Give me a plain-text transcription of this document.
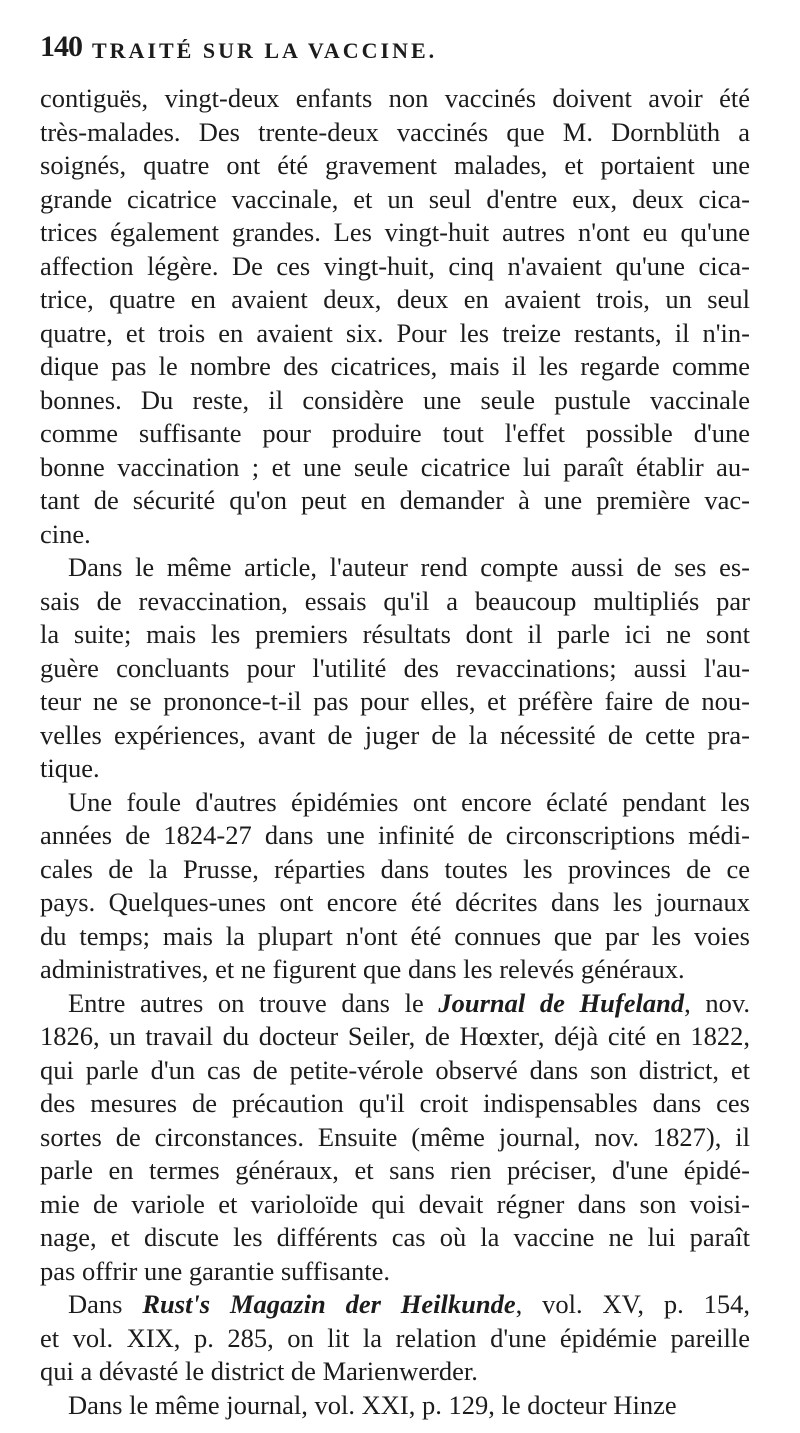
140 TRAITÉ SUR LA VACCINE.
contiguës, vingt-deux enfants non vaccinés doivent avoir été
très-malades. Des trente-deux vaccinés que M. Dornblüth a
soignés, quatre ont été gravement malades, et portaient une
grande cicatrice vaccinale, et un seul d'entre eux, deux cica-
trices également grandes. Les vingt-huit autres n'ont eu qu'une
affection légère. De ces vingt-huit, cinq n'avaient qu'une cica-
trice, quatre en avaient deux, deux en avaient trois, un seul
quatre, et trois en avaient six. Pour les treize restants, il n'in-
dique pas le nombre des cicatrices, mais il les regarde comme
bonnes. Du reste, il considère une seule pustule vaccinale
comme suffisante pour produire tout l'effet possible d'une
bonne vaccination ; et une seule cicatrice lui paraît établir au-
tant de sécurité qu'on peut en demander à une première vac-
cine.
Dans le même article, l'auteur rend compte aussi de ses es-
sais de revaccination, essais qu'il a beaucoup multipliés par
la suite; mais les premiers résultats dont il parle ici ne sont
guère concluants pour l'utilité des revaccinations; aussi l'au-
teur ne se prononce-t-il pas pour elles, et préfère faire de nou-
velles expériences, avant de juger de la nécessité de cette pra-
tique.
Une foule d'autres épidémies ont encore éclaté pendant les
années de 1824-27 dans une infinité de circonscriptions médi-
cales de la Prusse, réparties dans toutes les provinces de ce
pays. Quelques-unes ont encore été décrites dans les journaux
du temps; mais la plupart n'ont été connues que par les voies
administratives, et ne figurent que dans les relevés généraux.
Entre autres on trouve dans le Journal de Hufeland, nov.
1826, un travail du docteur Seiler, de Hœxter, déjà cité en 1822,
qui parle d'un cas de petite-vérole observé dans son district, et
des mesures de précaution qu'il croit indispensables dans ces
sortes de circonstances. Ensuite (même journal, nov. 1827), il
parle en termes généraux, et sans rien préciser, d'une épidé-
mie de variole et varioloïde qui devait régner dans son voisi-
nage, et discute les différents cas où la vaccine ne lui paraît
pas offrir une garantie suffisante.
Dans Rust's Magazin der Heilkunde, vol. XV, p. 154,
et vol. XIX, p. 285, on lit la relation d'une épidémie pareille
qui a dévasté le district de Marienwerder.
Dans le même journal, vol. XXI, p. 129, le docteur Hinze
